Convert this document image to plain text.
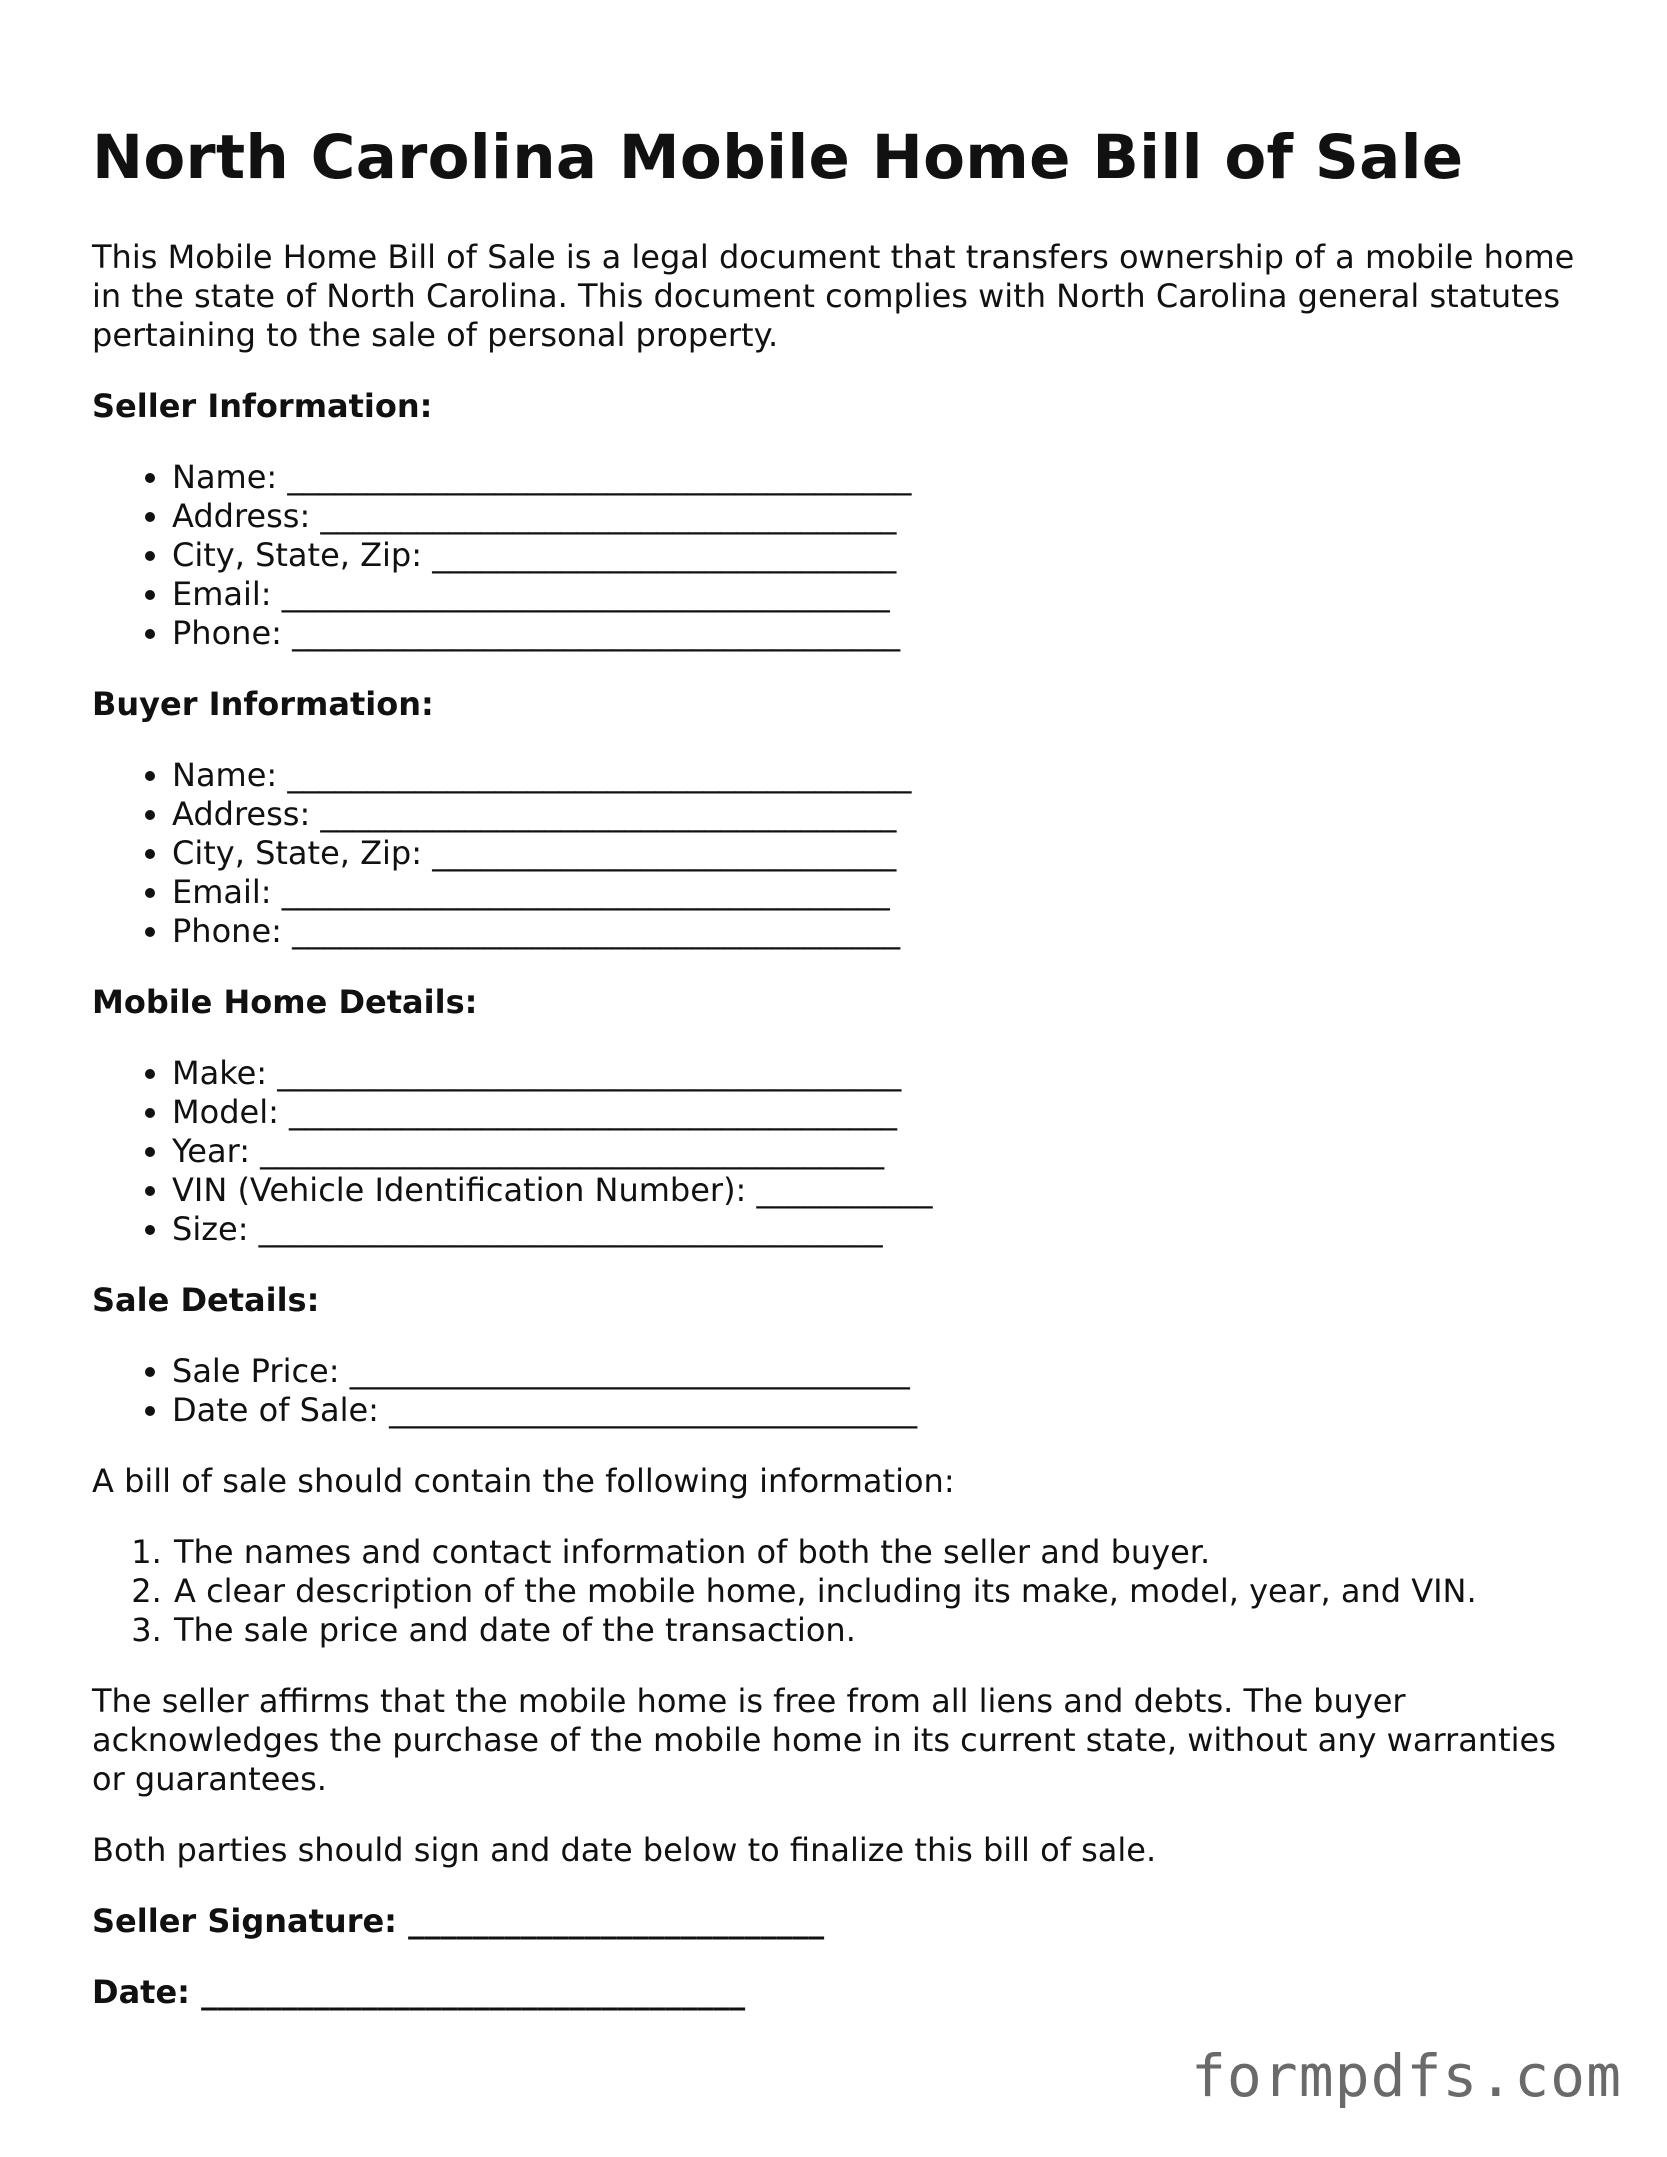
North Carolina Mobile Home Bill of Sale

This Mobile Home Bill of Sale is a legal document that transfers ownership of a mobile home in the state of North Carolina. This document complies with North Carolina general statutes pertaining to the sale of personal property.

Seller Information:
• Name: _______________________________________
• Address: ____________________________________
• City, State, Zip: _____________________________
• Email: ______________________________________
• Phone: ______________________________________
Buyer Information:
• Name: _______________________________________
• Address: ____________________________________
• City, State, Zip: _____________________________
• Email: ______________________________________
• Phone: ______________________________________
Mobile Home Details:
• Make: _______________________________________
• Model: ______________________________________
• Year: _______________________________________
• VIN (Vehicle Identification Number): ___________
• Size: _______________________________________
Sale Details:
• Sale Price: ___________________________________
• Date of Sale: _________________________________

A bill of sale should contain the following information:

1. The names and contact information of both the seller and buyer.
2. A clear description of the mobile home, including its make, model, year, and VIN.
3. The sale price and date of the transaction.

The seller affirms that the mobile home is free from all liens and debts. The buyer acknowledges the purchase of the mobile home in its current state, without any warranties or guarantees.

Both parties should sign and date below to finalize this bill of sale.

Seller Signature: __________________________
Date: __________________________________
formpdfs.com
